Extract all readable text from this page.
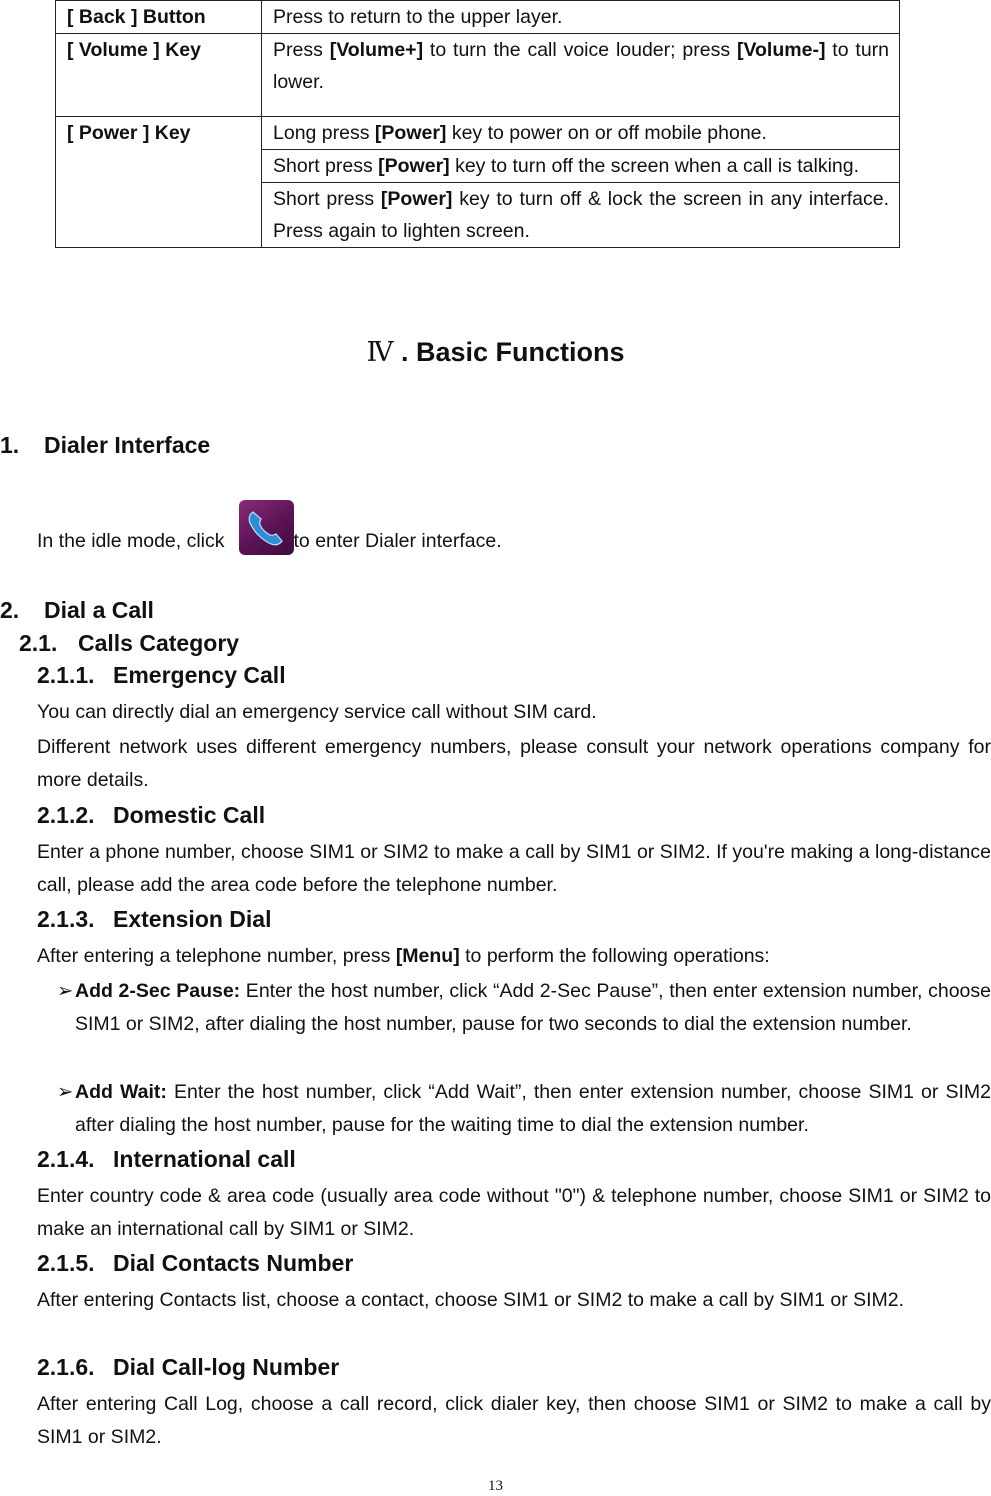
[ Back ] Button	Press to return to the upper layer.
[ Volume ] Key	Press [Volume+] to turn the call voice louder; press [Volume-] to turn lower.
[ Power ] Key	Long press [Power] key to power on or off mobile phone.
	Short press [Power] key to turn off the screen when a call is talking.
	Short press [Power] key to turn off & lock the screen in any interface. Press again to lighten screen.
Ⅳ . Basic Functions
1. Dialer Interface
In the idle mode, click	to enter Dialer interface.
2. Dial a Call
2.1. Calls Category
2.1.1. Emergency Call
You can directly dial an emergency service call without SIM card.
Different network uses different emergency numbers, please consult your network operations company for more details.
2.1.2. Domestic Call
Enter a phone number, choose SIM1 or SIM2 to make a call by SIM1 or SIM2. If you're making a long-distance call, please add the area code before the telephone number.
2.1.3. Extension Dial
After entering a telephone number, press [Menu] to perform the following operations:
➢ Add 2-Sec Pause: Enter the host number, click “Add 2-Sec Pause”, then enter extension number, choose SIM1 or SIM2, after dialing the host number, pause for two seconds to dial the extension number.
➢ Add Wait: Enter the host number, click “Add Wait”, then enter extension number, choose SIM1 or SIM2 after dialing the host number, pause for the waiting time to dial the extension number.
2.1.4. International call
Enter country code & area code (usually area code without "0") & telephone number, choose SIM1 or SIM2 to make an international call by SIM1 or SIM2.
2.1.5. Dial Contacts Number
After entering Contacts list, choose a contact, choose SIM1 or SIM2 to make a call by SIM1 or SIM2.
2.1.6. Dial Call-log Number
After entering Call Log, choose a call record, click dialer key, then choose SIM1 or SIM2 to make a call by SIM1 or SIM2.
13
